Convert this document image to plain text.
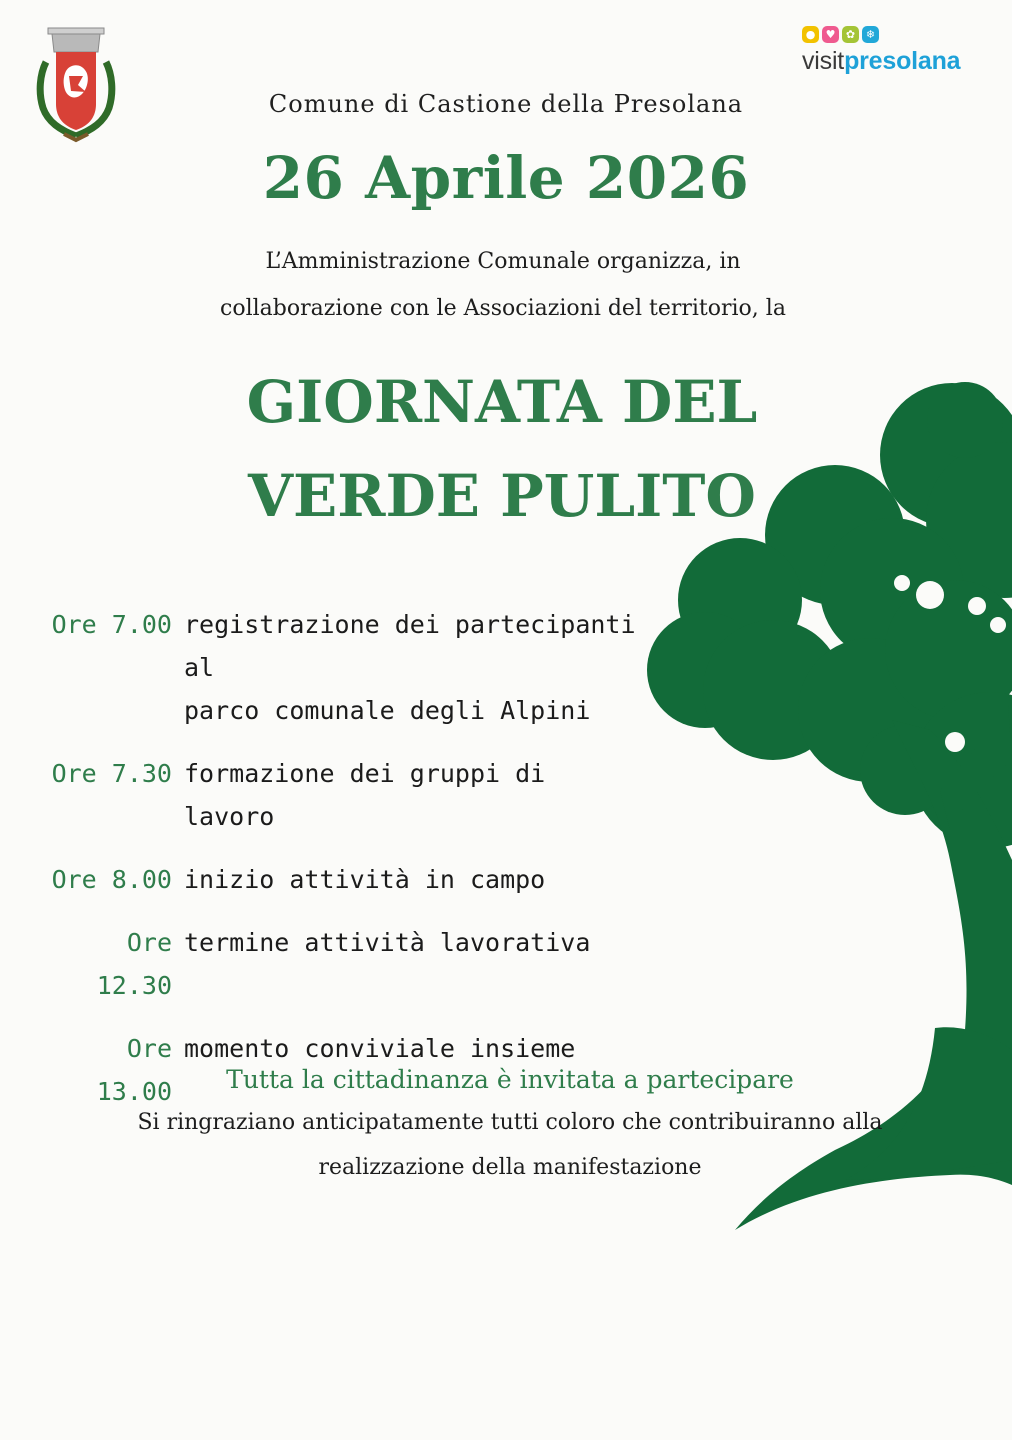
● ♥ ✿ ❄
visitpresolana
Comune di Castione della Presolana
26 Aprile 2026
L’Amministrazione Comunale organizza, in
collaborazione con le Associazioni del territorio, la
GIORNATA DEL
VERDE PULITO
Ore 7.00 registrazione dei partecipanti al
parco comunale degli Alpini
Ore 7.30 formazione dei gruppi di lavoro
Ore 8.00 inizio attività in campo
Ore 12.30
termine attività lavorativa
Ore 13.00
momento conviviale insieme
Tutta la cittadinanza è invitata a partecipare
Si ringraziano anticipatamente tutti coloro che contribuiranno alla
realizzazione della manifestazione
